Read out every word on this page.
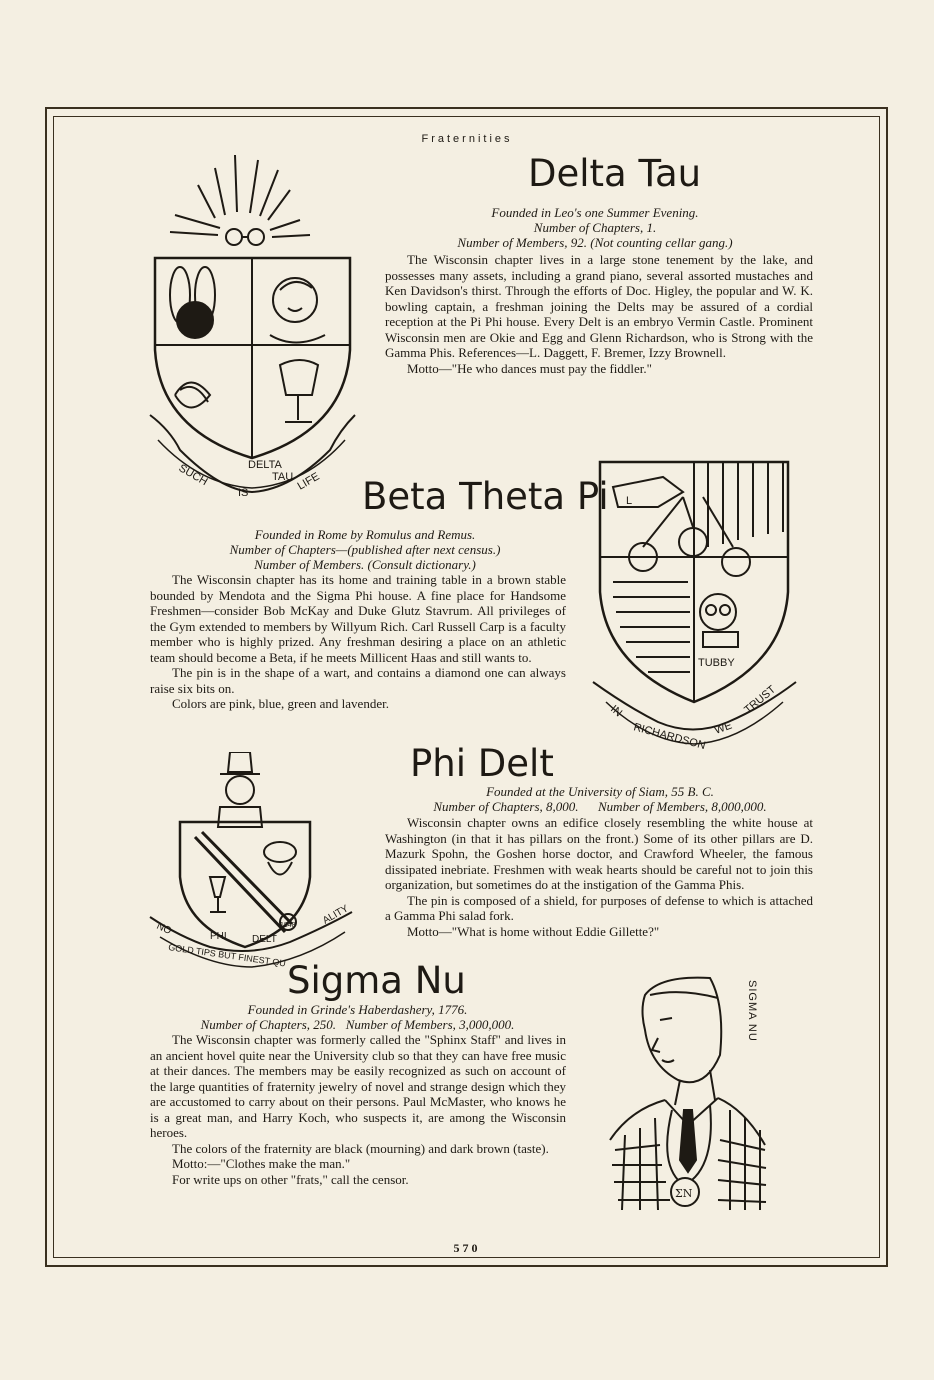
Fraternities
DELTA
TAU
SUCH
IS
LIFE
Delta Tau
Founded in Leo's one Summer Evening.
Number of Chapters, 1.
Number of Members, 92. (Not counting cellar gang.)

The Wisconsin chapter lives in a large stone tenement by the lake, and possesses many assets, including a grand piano, several assorted mustaches and Ken Davidson's thirst. Through the efforts of Doc. Higley, the popular and W. K. bowling captain, a freshman joining the Delts may be assured of a cordial reception at the Pi Phi house. Every Delt is an embryo Vermin Castle. Prominent Wisconsin men are Okie and Egg and Glenn Richardson, who is Strong with the Gamma Phis. References—L. Daggett, F. Bremer, Izzy Brownell.

Motto—"He who dances must pay the fiddler."

Beta Theta Pi
Founded in Rome by Romulus and Remus.
Number of Chapters—(published after next census.)
Number of Members. (Consult dictionary.)

The Wisconsin chapter has its home and training table in a brown stable bounded by Mendota and the Sigma Phi house. A fine place for Handsome Freshmen—consider Bob McKay and Duke Glutz Stavrum. All privileges of the Gym extended to members by Willyum Rich. Carl Russell Carp is a faculty member who is highly prized. Any freshman desiring a place on an athletic team should become a Beta, if he meets Millicent Haas and still wants to.

The pin is in the shape of a wart, and contains a diamond one can always raise six bits on.

Colors are pink, blue, green and lavender.

L
TUBBY
IN
RICHARDSON WE
TRUST
NO	PHI	DELT
ALITY
GOLD TIPS BUT FINEST QU
1848
Phi Delt
Founded at the University of Siam, 55 B. C.
Number of Chapters, 8,000.      Number of Members, 8,000,000.

Wisconsin chapter owns an edifice closely resembling the white house at Washington (in that it has pillars on the front.) Some of its other pillars are D. Mazurk Spohn, the Goshen horse doctor, and Crawford Wheeler, the famous dissipated inebriate. Freshmen with weak hearts should be careful not to join this organization, but sometimes do at the instigation of the Gamma Phis.

The pin is composed of a shield, for purposes of defense to which is attached a Gamma Phi salad fork.

Motto—"What is home without Eddie Gillette?"

Sigma Nu
Founded in Grinde's Haberdashery, 1776.
Number of Chapters, 250.   Number of Members, 3,000,000.

The Wisconsin chapter was formerly called the "Sphinx Staff" and lives in an ancient hovel quite near the University club so that they can have free music at their dances. The members may be easily recognized as such on account of the large quantities of fraternity jewelry of novel and strange design which they are accustomed to carry about on their persons. Paul McMaster, who knows he is a great man, and Harry Koch, who suspects it, are among the Wisconsin heroes.

The colors of the fraternity are black (mourning) and dark brown (taste).

Motto:—"Clothes make the man."

For write ups on other "frats," call the censor.

ΣN
SIGMA NU
570
